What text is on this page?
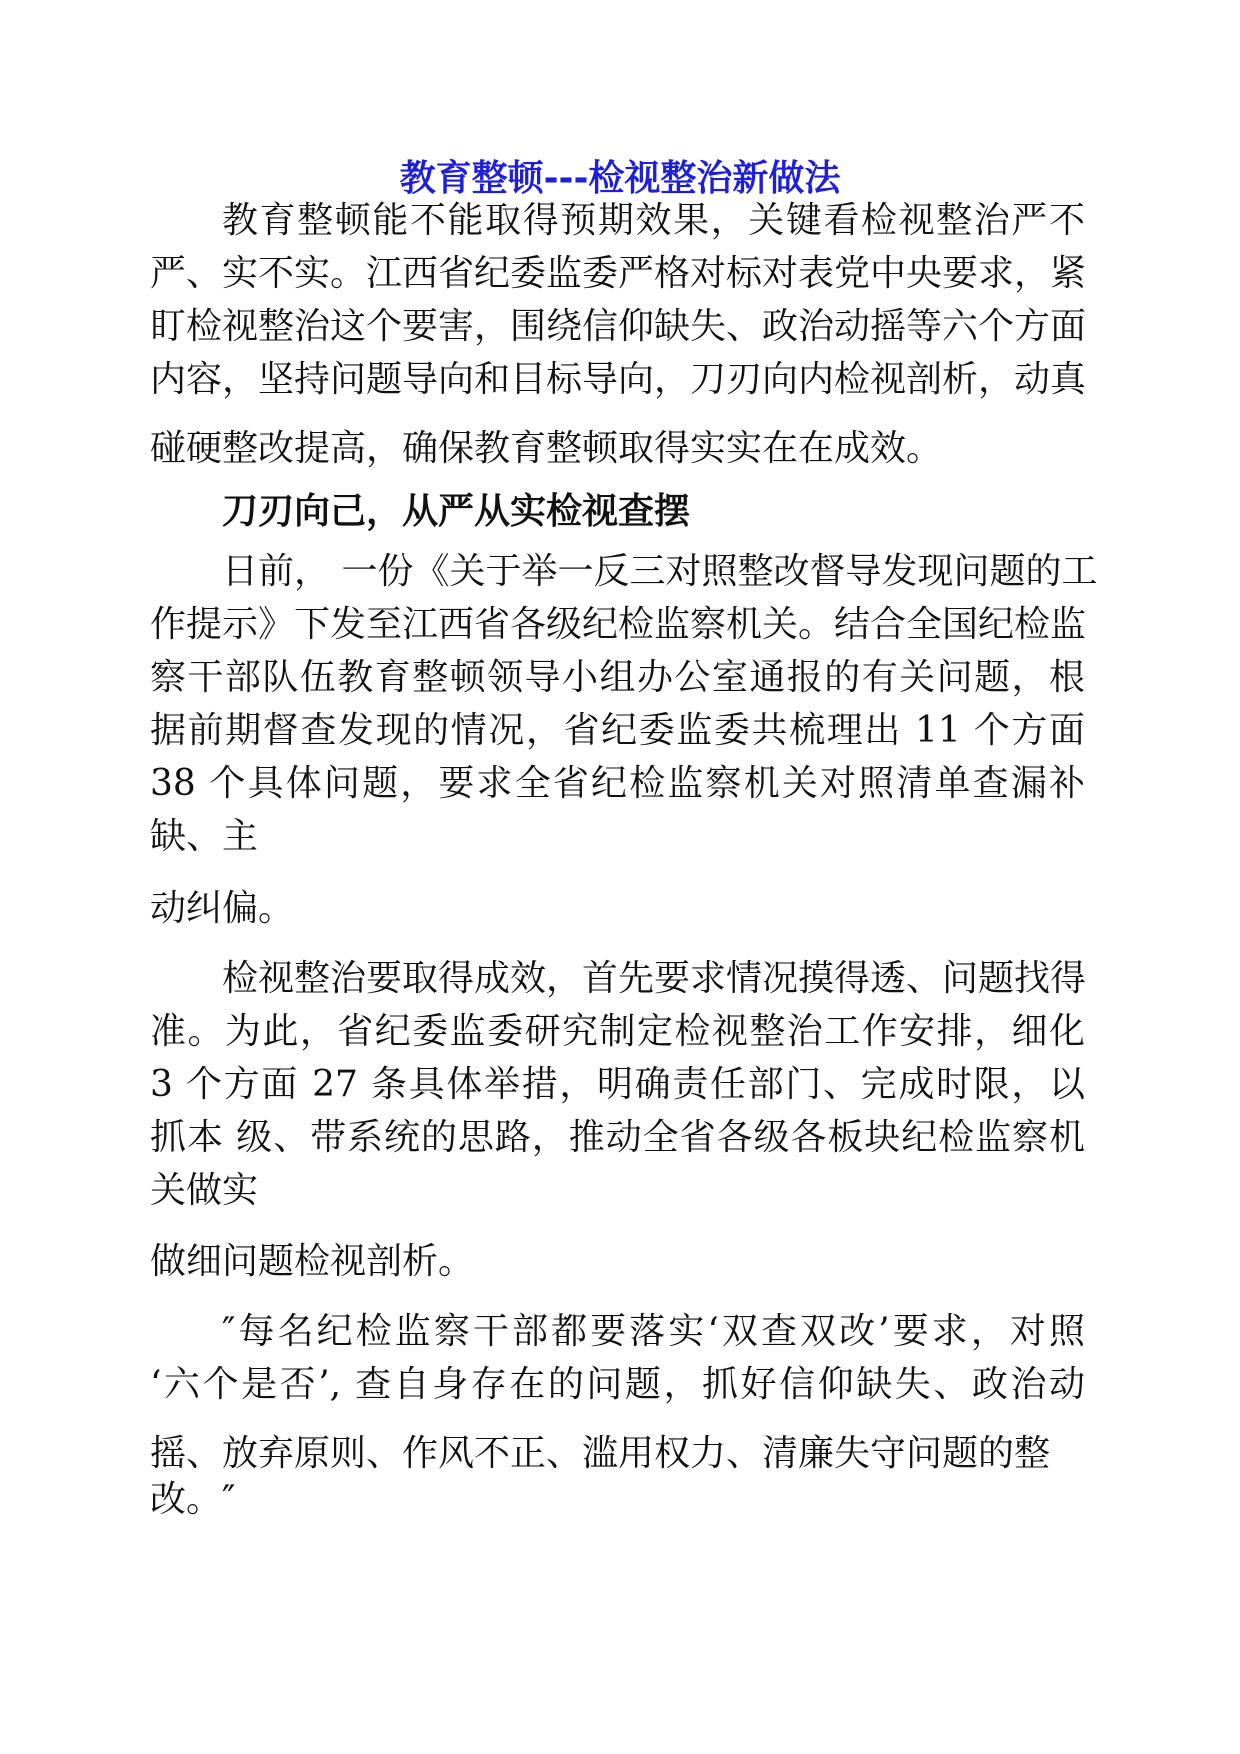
教育整顿---检视整治新做法

教育整顿能不能取得预期效果，关键看检视整治严不

严、实不实。江西省纪委监委严格对标对表党中央要求，紧

盯检视整治这个要害，围绕信仰缺失、政治动摇等六个方面

内容，坚持问题导向和目标导向，刀刃向内检视剖析，动真

碰硬整改提高，确保教育整顿取得实实在在成效。

刀刃向己，从严从实检视查摆

日前， 一份《关于举一反三对照整改督导发现问题的工

作提示》下发至江西省各级纪检监察机关。结合全国纪检监

察干部队伍教育整顿领导小组办公室通报的有关问题，根

据前期督查发现的情况，省纪委监委共梳理出 11 个方面

38 个具体问题，要求全省纪检监察机关对照清单查漏补

缺、主

动纠偏。

检视整治要取得成效，首先要求情况摸得透、问题找得

准。为此，省纪委监委研究制定检视整治工作安排，细化

3 个方面 27 条具体举措，明确责任部门、完成时限，以

抓本 级、带系统的思路，推动全省各级各板块纪检监察机

关做实

做细问题检视剖析。

″每名纪检监察干部都要落实‘双查双改’要求，对照

‘六个是否’, 查自身存在的问题，抓好信仰缺失、政治动

摇、放弃原则、作风不正、滥用权力、清廉失守问题的整

改。″
